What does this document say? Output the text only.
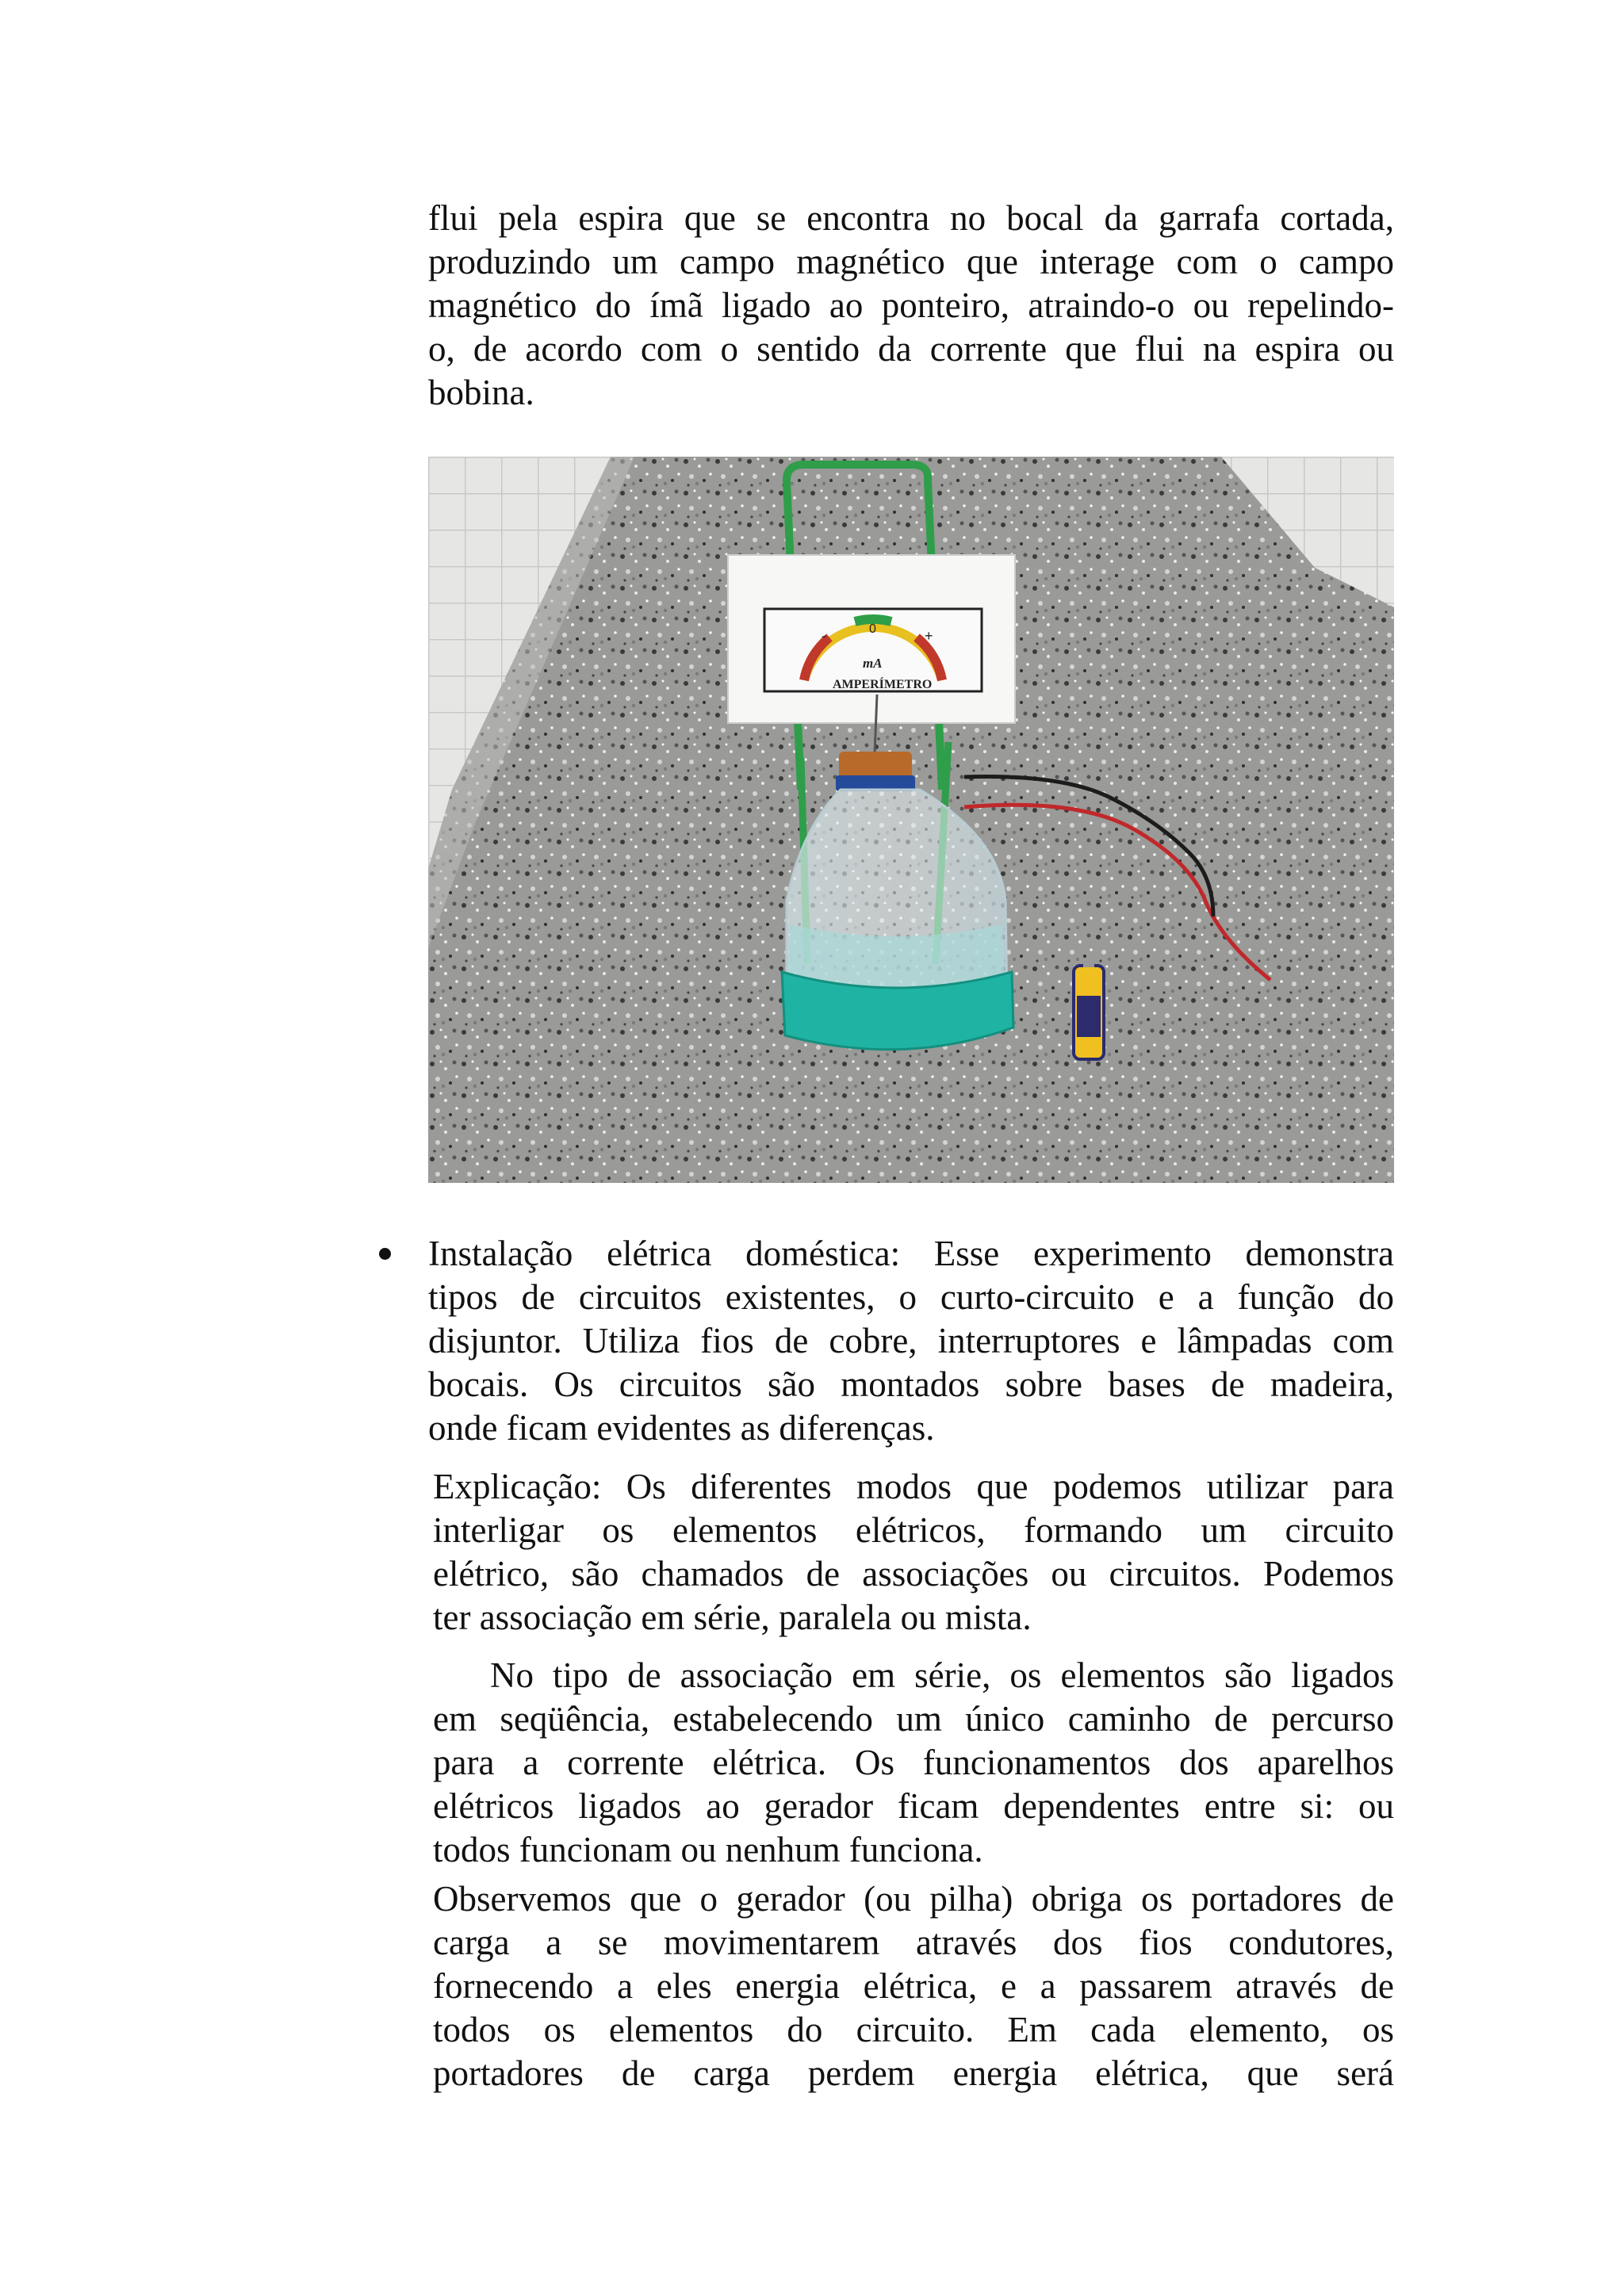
flui pela espira que se encontra no bocal da garrafa cortada,
produzindo um campo magnético que interage com o campo
magnético do ímã ligado ao ponteiro, atraindo-o ou repelindo-
o, de acordo com o sentido da corrente que flui na espira ou
bobina.
-	0	+
mA
AMPERÍMETRO
Instalação elétrica doméstica: Esse experimento demonstra
tipos de circuitos existentes, o curto-circuito e a função do
disjuntor. Utiliza fios de cobre, interruptores e lâmpadas com
bocais. Os circuitos são montados sobre bases de madeira,
onde ficam evidentes as diferenças.
Explicação: Os diferentes modos que podemos utilizar para
interligar os elementos elétricos, formando um circuito
elétrico, são chamados de associações ou circuitos. Podemos
ter associação em série, paralela ou mista.
No tipo de associação em série, os elementos são ligados
em seqüência, estabelecendo um único caminho de percurso
para a corrente elétrica. Os funcionamentos dos aparelhos
elétricos ligados ao gerador ficam dependentes entre si: ou
todos funcionam ou nenhum funciona.
Observemos que o gerador (ou pilha) obriga os portadores de
carga a se movimentarem através dos fios condutores,
fornecendo a eles energia elétrica, e a passarem através de
todos os elementos do circuito. Em cada elemento, os
portadores de carga perdem energia elétrica, que será
